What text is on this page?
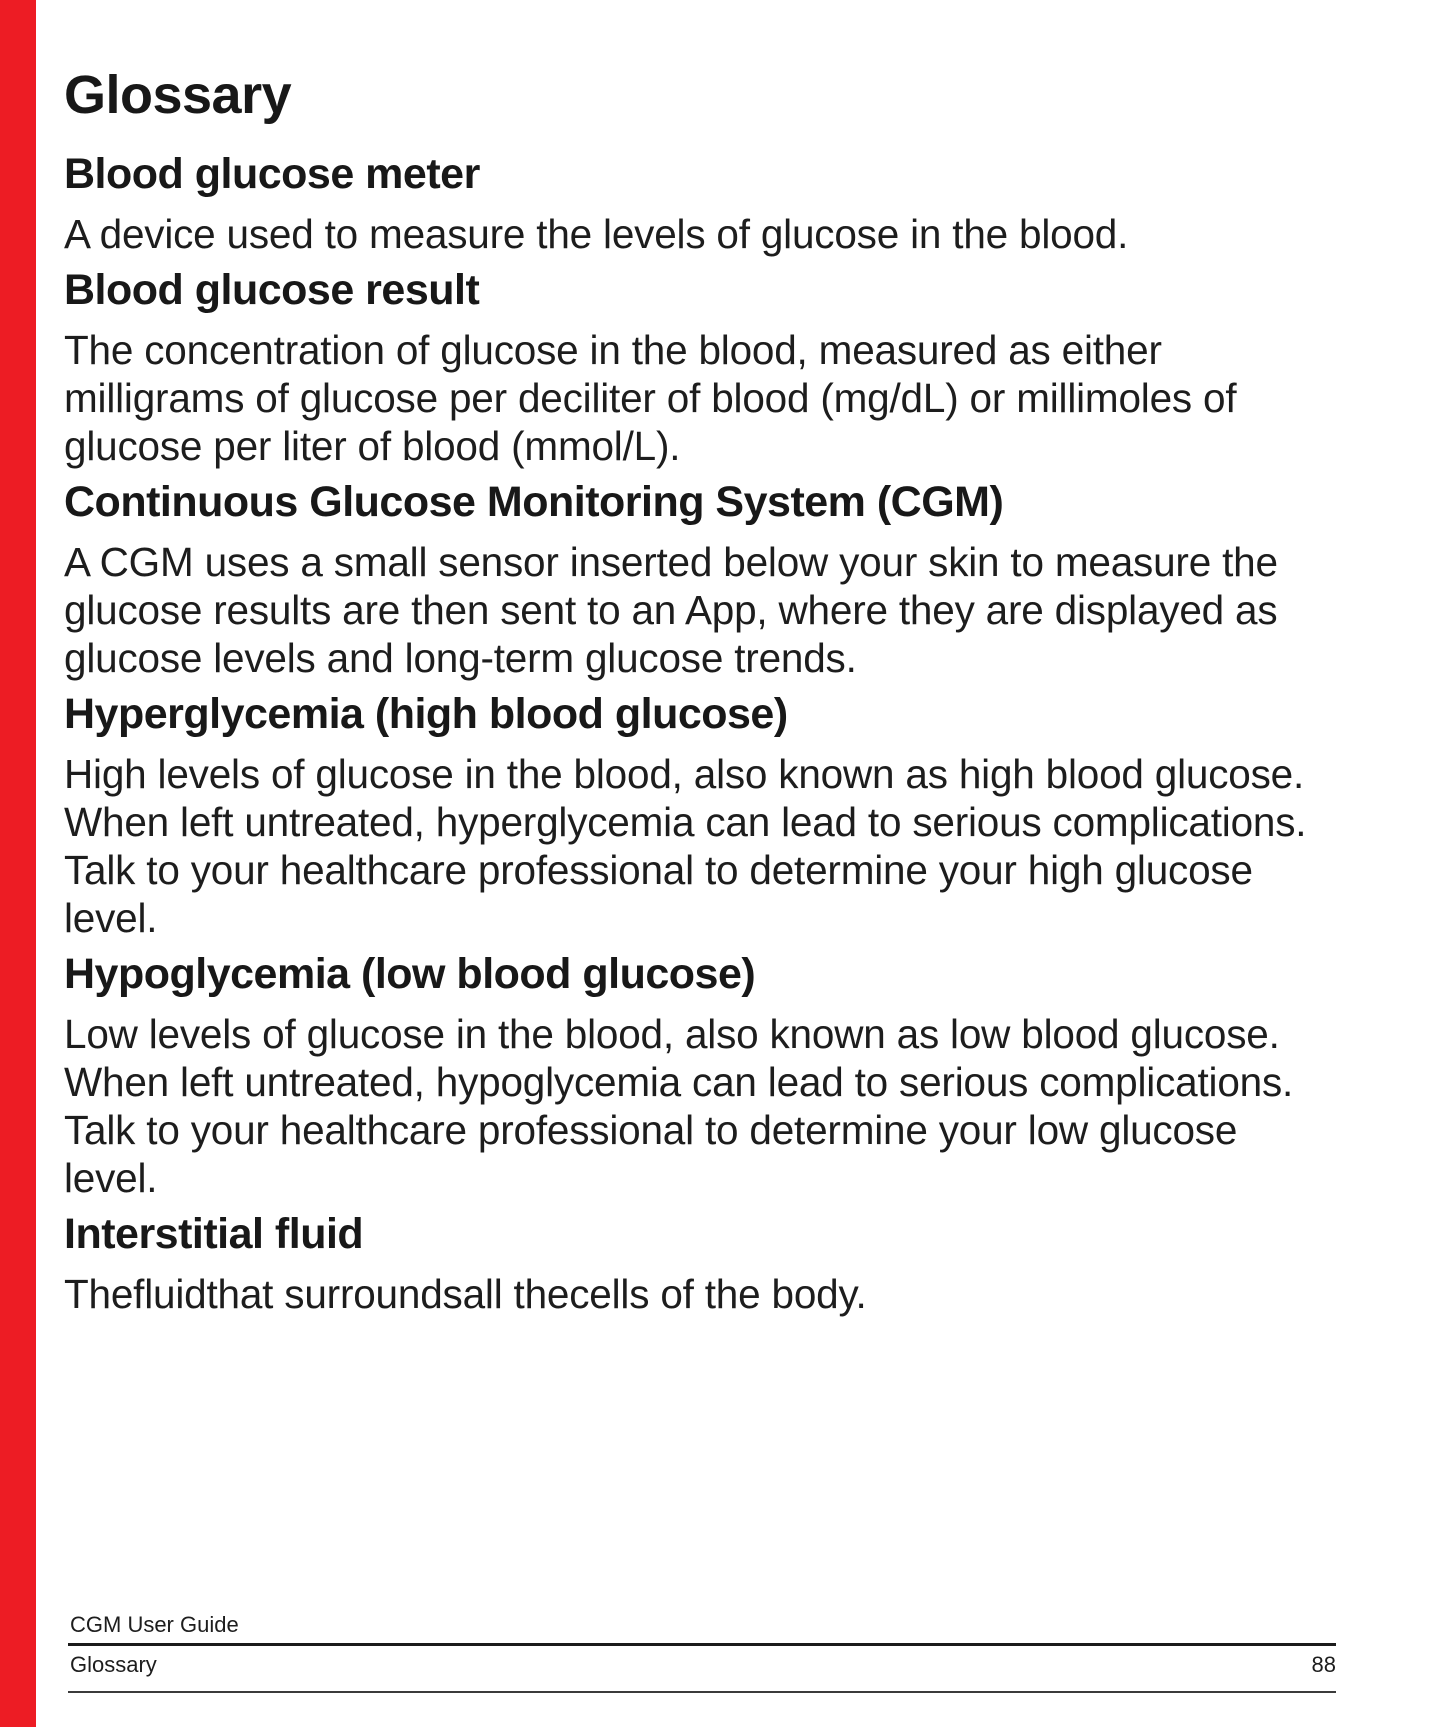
Glossary
Blood glucose meter
A device used to measure the levels of glucose in the blood.
Blood glucose result
The concentration of glucose in the blood, measured as either
milligrams of glucose per deciliter of blood (mg/dL) or millimoles of
glucose per liter of blood (mmol/L).
Continuous Glucose Monitoring System (CGM)
A CGM uses a small sensor inserted below your skin to measure the
glucose results are then sent to an App, where they are displayed as
glucose levels and long-term glucose trends.
Hyperglycemia (high blood glucose)
High levels of glucose in the blood, also known as high blood glucose.
When left untreated, hyperglycemia can lead to serious complications.
Talk to your healthcare professional to determine your high glucose
level.
Hypoglycemia (low blood glucose)
Low levels of glucose in the blood, also known as low blood glucose.
When left untreated, hypoglycemia can lead to serious complications.
Talk to your healthcare professional to determine your low glucose
level.
Interstitial fluid
Thefluidthat surroundsall thecells of the body.
CGM User Guide
Glossary	88
